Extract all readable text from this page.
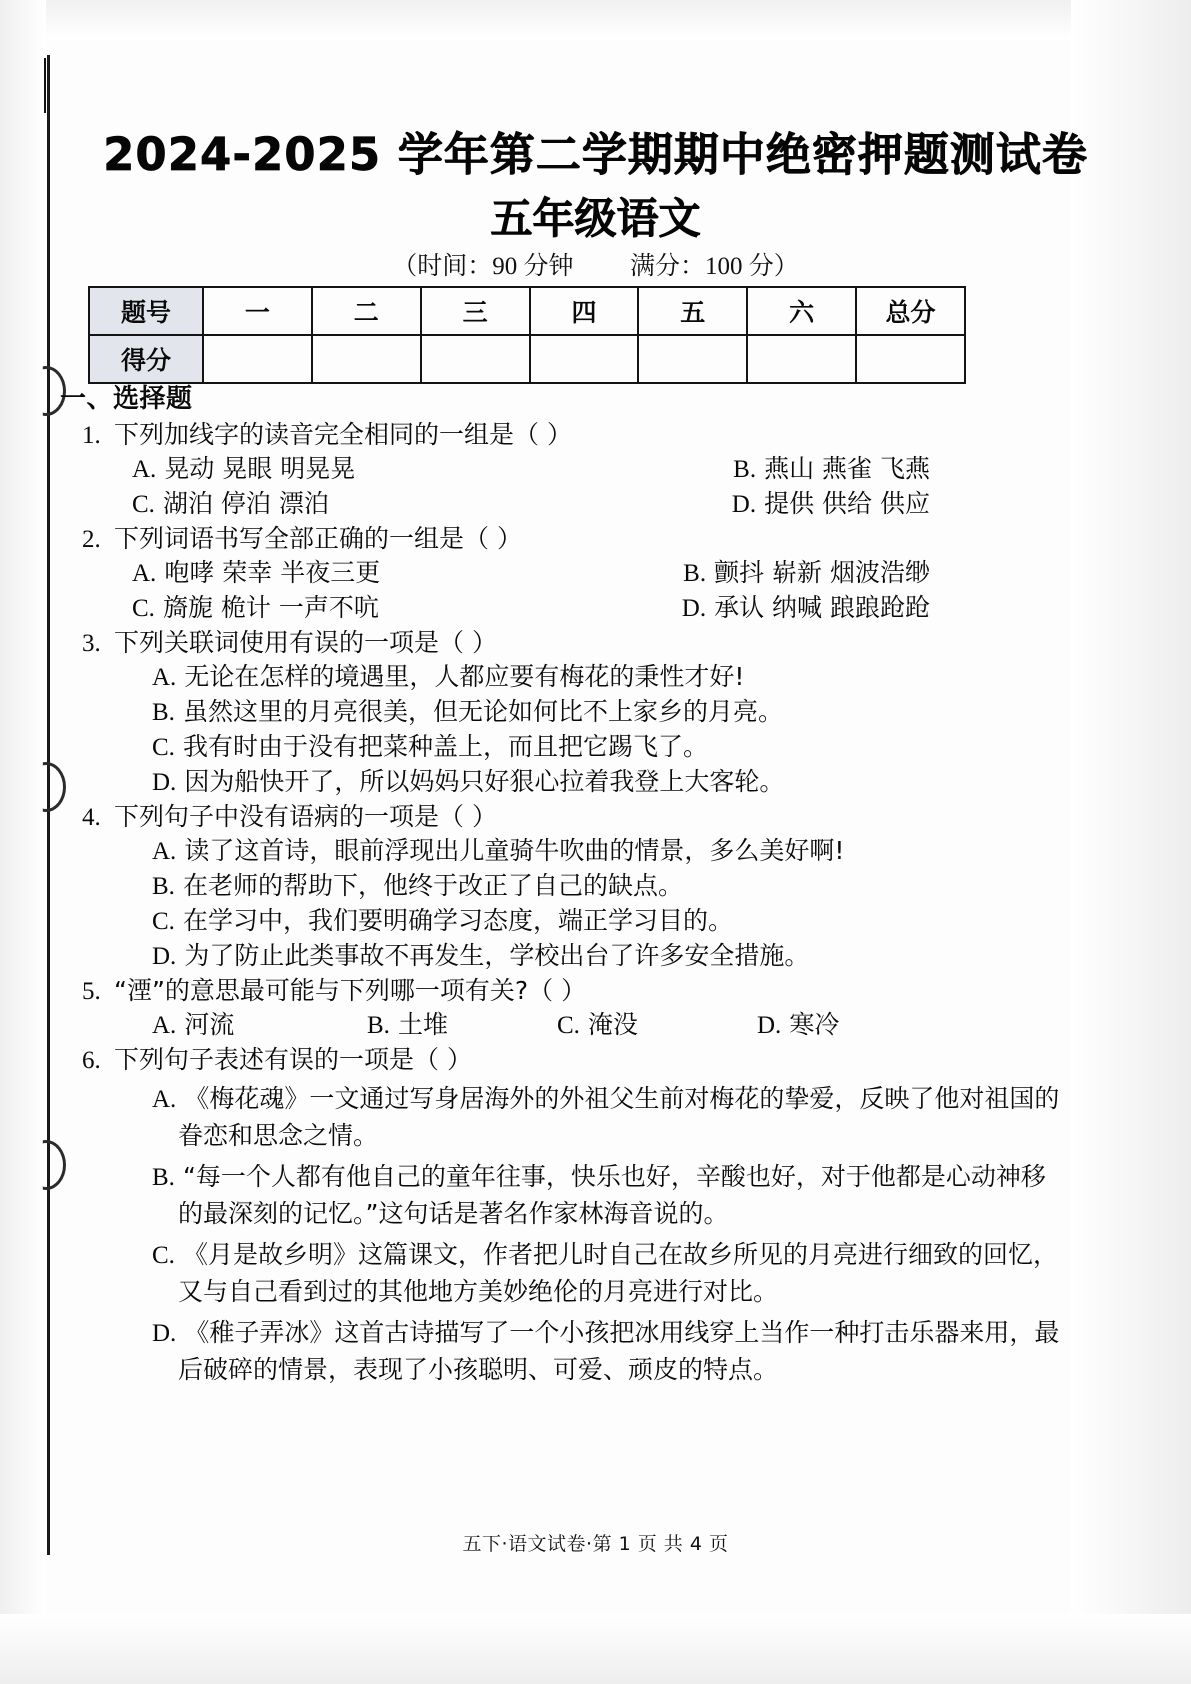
2024-2025 学年第二学期期中绝密押题测试卷
五年级语文
（时间：90 分钟 满分：100 分）
题号	一	二	三	四	五	六	总分
得分							
一、选择题
1. 下列加线字的读音完全相同的一组是（ ）
A. 晃动 晃眼 明晃晃	B. 燕山 燕雀 飞燕
C. 湖泊 停泊 漂泊	D. 提供 供给 供应
2. 下列词语书写全部正确的一组是（ ）
A. 咆哮 荣幸 半夜三更	B. 颤抖 崭新 烟波浩缈
C. 旖旎 桅计 一声不吭	D. 承认 纳喊 踉踉跄跄
3. 下列关联词使用有误的一项是（ ）
A. 无论在怎样的境遇里，人都应要有梅花的秉性才好!
B. 虽然这里的月亮很美，但无论如何比不上家乡的月亮。
C. 我有时由于没有把菜种盖上，而且把它踢飞了。
D. 因为船快开了，所以妈妈只好狠心拉着我登上大客轮。
4. 下列句子中没有语病的一项是（ ）
A. 读了这首诗，眼前浮现出儿童骑牛吹曲的情景，多么美好啊!
B. 在老师的帮助下，他终于改正了自己的缺点。
C. 在学习中，我们要明确学习态度，端正学习目的。
D. 为了防止此类事故不再发生，学校出台了许多安全措施。
5. “湮”的意思最可能与下列哪一项有关?（ ）
A. 河流	B. 土堆	C. 淹没	D. 寒冷
6. 下列句子表述有误的一项是（ ）
A. 《梅花魂》一文通过写身居海外的外祖父生前对梅花的挚爱，反映了他对祖国的眷恋和思念之情。
B. “每一个人都有他自己的童年往事，快乐也好，辛酸也好，对于他都是心动神移的最深刻的记忆。”这句话是著名作家林海音说的。
C. 《月是故乡明》这篇课文，作者把儿时自己在故乡所见的月亮进行细致的回忆，又与自己看到过的其他地方美妙绝伦的月亮进行对比。
D. 《稚子弄冰》这首古诗描写了一个小孩把冰用线穿上当作一种打击乐器来用，最后破碎的情景，表现了小孩聪明、可爱、顽皮的特点。
五下·语文试卷·第 1 页 共 4 页
